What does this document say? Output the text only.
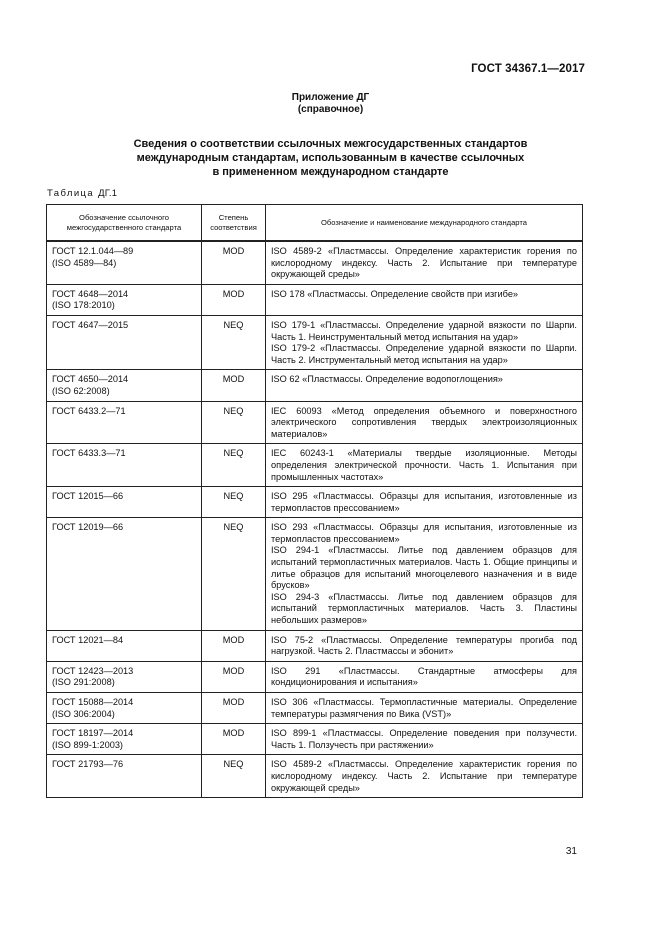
ГОСТ 34367.1—2017
Приложение ДГ
(справочное)
Сведения о соответствии ссылочных межгосударственных стандартов
международным стандартам, использованным в качестве ссылочных
в примененном международном стандарте
Таблица ДГ.1
Обозначение ссылочного
межгосударственного стандарта	Степень
соответствия	Обозначение и наименование международного стандарта

ГОСТ 12.1.044—89
(ISO 4589—84)	MOD	ISO 4589-2 «Пластмассы. Определение характеристик горения по кислородному индексу. Часть 2. Испытание при температуре окружающей среды»

ГОСТ 4648—2014
(ISO 178:2010)	MOD	ISO 178 «Пластмассы. Определение свойств при изгибе»

ГОСТ 4647—2015	NEQ	ISO 179-1 «Пластмассы. Определение ударной вязкости по Шарпи. Часть 1. Неинструментальный метод испытания на удар»
ISO 179-2 «Пластмассы. Определение ударной вязкости по Шарпи. Часть 2. Инструментальный метод испытания на удар»

ГОСТ 4650—2014
(ISO 62:2008)	MOD	ISO 62 «Пластмассы. Определение водопоглощения»

ГОСТ 6433.2—71	NEQ	IEC 60093 «Метод определения объемного и поверхностного электрического сопротивления твердых электроизоляционных материалов»

ГОСТ 6433.3—71	NEQ	IEC 60243-1 «Материалы твердые изоляционные. Методы определения электрической прочности. Часть 1. Испытания при промышленных частотах»

ГОСТ 12015—66	NEQ	ISO 295 «Пластмассы. Образцы для испытания, изготовленные из термопластов прессованием»

ГОСТ 12019—66	NEQ	ISO 293 «Пластмассы. Образцы для испытания, изготовленные из термопластов прессованием»
ISO 294-1 «Пластмассы. Литье под давлением образцов для испытаний термопластичных материалов. Часть 1. Общие принципы и литье образцов для испытаний многоцелевого назначения и в виде брусков»
ISO 294-3 «Пластмассы. Литье под давлением образцов для испытаний термопластичных материалов. Часть 3. Пластины небольших размеров»

ГОСТ 12021—84	MOD	ISO 75-2 «Пластмассы. Определение температуры прогиба под нагрузкой. Часть 2. Пластмассы и эбонит»

ГОСТ 12423—2013
(ISO 291:2008)	MOD	ISO 291 «Пластмассы. Стандартные атмосферы для кондиционирования и испытания»

ГОСТ 15088—2014
(ISO 306:2004)	MOD	ISO 306 «Пластмассы. Термопластичные материалы. Определение температуры размягчения по Вика (VST)»

ГОСТ 18197—2014
(ISO 899-1:2003)	MOD	ISO 899-1 «Пластмассы. Определение поведения при ползучести. Часть 1. Ползучесть при растяжении»

ГОСТ 21793—76	NEQ	ISO 4589-2 «Пластмассы. Определение характеристик горения по кислородному индексу. Часть 2. Испытание при температуре окружающей среды»
31
